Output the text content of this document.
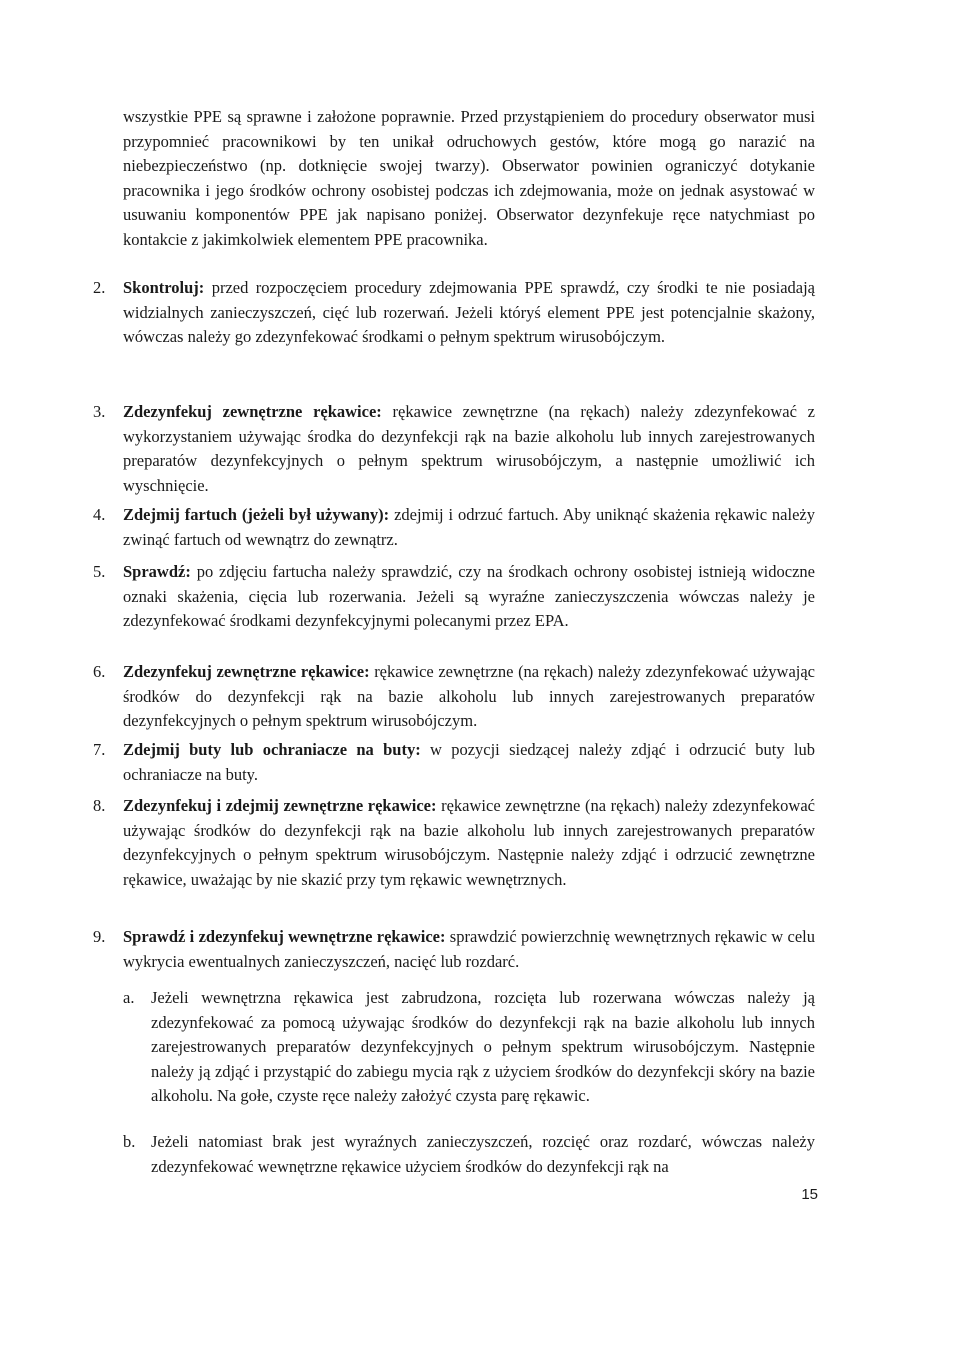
wszystkie PPE są sprawne i założone poprawnie. Przed przystąpieniem do procedury obserwator musi przypomnieć pracownikowi by ten unikał odruchowych gestów, które mogą go narazić na niebezpieczeństwo (np. dotknięcie swojej twarzy). Obserwator powinien ograniczyć dotykanie pracownika i jego środków ochrony osobistej podczas ich zdejmowania, może on jednak asystować w usuwaniu komponentów PPE jak napisano poniżej. Obserwator dezynfekuje ręce natychmiast po kontakcie z jakimkolwiek elementem PPE pracownika.

2.	Skontroluj: przed rozpoczęciem procedury zdejmowania PPE sprawdź, czy środki te nie posiadają widzialnych zanieczyszczeń, cięć lub rozerwań. Jeżeli któryś element PPE jest potencjalnie skażony, wówczas należy go zdezynfekować środkami o pełnym spektrum wirusobójczym.
3.	Zdezynfekuj zewnętrzne rękawice: rękawice zewnętrzne (na rękach) należy zdezynfekować z wykorzystaniem używając środka do dezynfekcji rąk na bazie alkoholu lub innych zarejestrowanych preparatów dezynfekcyjnych o pełnym spektrum wirusobójczym, a następnie umożliwić ich wyschnięcie.
4.	Zdejmij fartuch (jeżeli był używany): zdejmij i odrzuć fartuch. Aby uniknąć skażenia rękawic należy zwinąć fartuch od wewnątrz do zewnątrz.
5.	Sprawdź: po zdjęciu fartucha należy sprawdzić, czy na środkach ochrony osobistej istnieją widoczne oznaki skażenia, cięcia lub rozerwania. Jeżeli są wyraźne zanieczyszczenia wówczas należy je zdezynfekować środkami dezynfekcyjnymi polecanymi przez EPA.
6.	Zdezynfekuj zewnętrzne rękawice: rękawice zewnętrzne (na rękach) należy zdezynfekować używając środków do dezynfekcji rąk na bazie alkoholu lub innych zarejestrowanych preparatów dezynfekcyjnych o pełnym spektrum wirusobójczym.
7.	Zdejmij buty lub ochraniacze na buty: w pozycji siedzącej należy zdjąć i odrzucić buty lub ochraniacze na buty.
8.	Zdezynfekuj i zdejmij zewnętrzne rękawice: rękawice zewnętrzne (na rękach) należy zdezynfekować używając środków do dezynfekcji rąk na bazie alkoholu lub innych zarejestrowanych preparatów dezynfekcyjnych o pełnym spektrum wirusobójczym. Następnie należy zdjąć i odrzucić zewnętrzne rękawice, uważając by nie skazić przy tym rękawic wewnętrznych.
9.	Sprawdź i zdezynfekuj wewnętrzne rękawice: sprawdzić powierzchnię wewnętrznych rękawic w celu wykrycia ewentualnych zanieczyszczeń, nacięć lub rozdarć.
a.	Jeżeli wewnętrzna rękawica jest zabrudzona, rozcięta lub rozerwana wówczas należy ją zdezynfekować za pomocą używając środków do dezynfekcji rąk na bazie alkoholu lub innych zarejestrowanych preparatów dezynfekcyjnych o pełnym spektrum wirusobójczym. Następnie należy ją zdjąć i przystąpić do zabiegu mycia rąk z użyciem środków do dezynfekcji skóry na bazie alkoholu. Na gołe, czyste ręce należy założyć czysta parę rękawic.
b. Jeżeli natomiast brak jest wyraźnych zanieczyszczeń, rozcięć oraz rozdarć, wówczas należy zdezynfekować wewnętrzne rękawice użyciem środków do dezynfekcji rąk na
15
